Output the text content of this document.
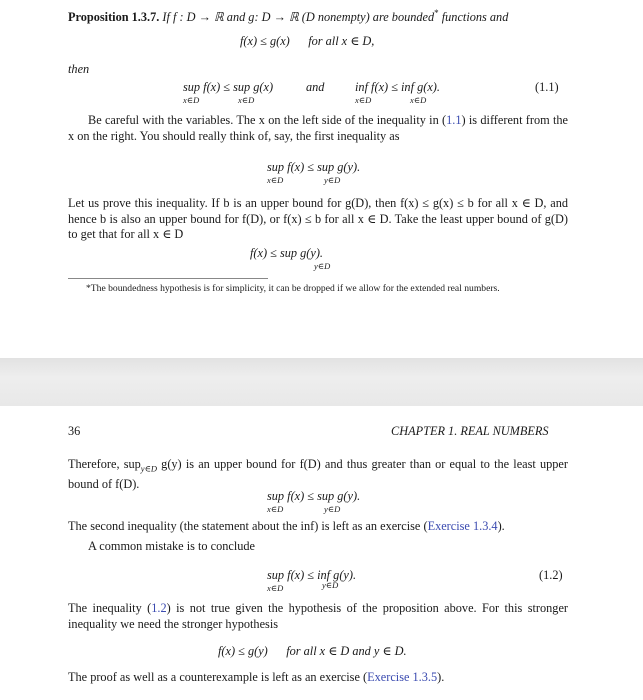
Proposition 1.3.7. If f : D → ℝ and g: D → ℝ (D nonempty) are bounded* functions and
f(x) ≤ g(x)      for all x ∈ D,
then
sup f(x) ≤ sup g(x)
x∈D	x∈D
and inf f(x) ≤ inf g(x).
x∈D	x∈D
(1.1)
Be careful with the variables. The x on the left side of the inequality in (1.1) is different from the x on the right. You should really think of, say, the first inequality as
sup f(x) ≤ sup g(y).
x∈D	y∈D
Let us prove this inequality. If b is an upper bound for g(D), then f(x) ≤ g(x) ≤ b for all x ∈ D, and hence b is also an upper bound for f(D), or f(x) ≤ b for all x ∈ D. Take the least upper bound of g(D) to get that for all x ∈ D
f(x) ≤ sup g(y).
y∈D
*The boundedness hypothesis is for simplicity, it can be dropped if we allow for the extended real numbers.
36	CHAPTER 1. REAL NUMBERS
Therefore, sup$_{y\in D}$ g(y) is an upper bound for f(D) and thus greater than or equal to the least upper bound of f(D).
sup f(x) ≤ sup g(y).
x∈D	y∈D
The second inequality (the statement about the inf) is left as an exercise (Exercise 1.3.4).
A common mistake is to conclude
sup f(x) ≤ inf g(y).
x∈D	y∈D
(1.2)
The inequality (1.2) is not true given the hypothesis of the proposition above. For this stronger inequality we need the stronger hypothesis
f(x) ≤ g(y)      for all x ∈ D and y ∈ D.
The proof as well as a counterexample is left as an exercise (Exercise 1.3.5).
